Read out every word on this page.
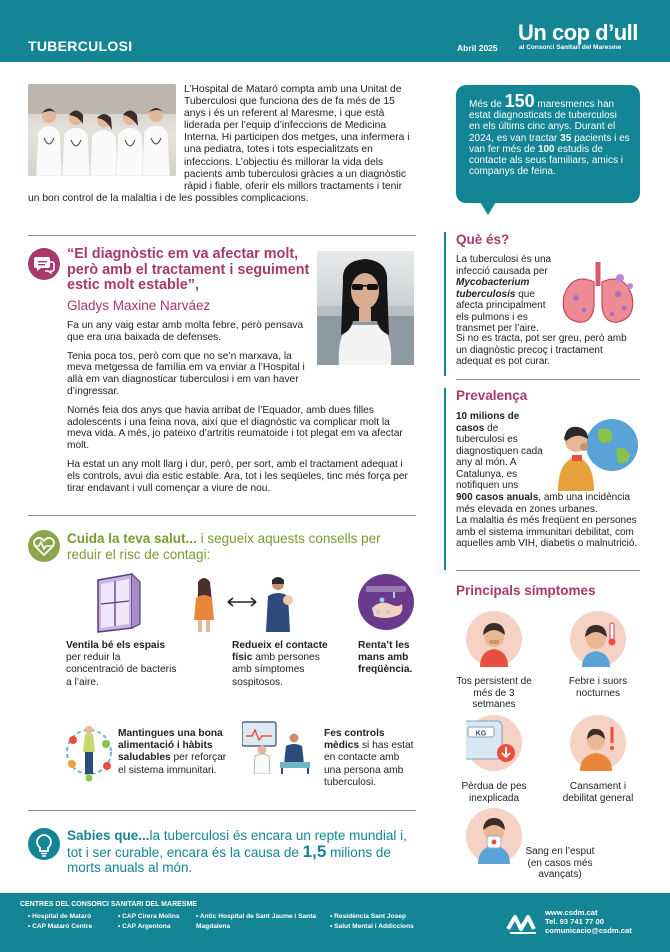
TUBERCULOSI	Abril 2025
Un cop d’ull
al Consorci Sanitari del Maresme
L’Hospital de Mataró compta amb una Unitat de Tuberculosi que funciona des de fa més de 15 anys i és un referent al Maresme, i que està liderada per l’equip d’infeccions de Medicina Interna. Hi participen dos metges, una infermera i una pediatra, totes i tots especialitzats en infeccions. L’objectiu és millorar la vida dels pacients amb tuberculosi gràcies a un diagnòstic ràpid i fiable, oferir els millors tractaments i tenir un bon control de la malaltia i de les possibles complicacions.
Més de 150 maresmencs han estat diagnosticats de tuberculosi en els últims cinc anys. Durant el 2024, es van tractar 35 pacients i es van fer més de 100 estudis de contacte als seus familiars, amics i companys de feina.
“El diagnòstic em va afectar molt, però amb el tractament i seguiment estic molt estable”,
Gladys Maxine Narváez

Fa un any vaig estar amb molta febre, però pensava que era una baixada de defenses.

Tenia poca tos, però com que no se’n marxava, la meva metgessa de família em va enviar a l’Hospital i allà em van diagnosticar tuberculosi i em van haver d’ingressar.

Només feia dos anys que havia arribat de l’Equador, amb dues filles adolescents i una feina nova, així que el diagnòstic va complicar molt la meva vida. A més, jo pateixo d’artritis reumatoide i tot plegat em va afectar molt.

Ha estat un any molt llarg i dur, però, per sort, amb el tractament adequat i els controls, avui dia estic estable. Ara, tot i les seqüeles, tinc més força per tirar endavant i vull començar a viure de nou.

Cuida la teva salut... i segueix aquests consells per reduir el risc de contagi:
Ventila bé els espais per reduir la concentració de bacteris a l’aire.
Redueix el contacte físic amb persones amb símptomes sospitosos.
Renta’t les mans amb freqüència.
Mantingues una bona alimentació i hàbits saludables per reforçar el sistema immunitari.
Fes controls mèdics si has estat en contacte amb una persona amb tuberculosi.
Sabies que...la tuberculosi és encara un repte mundial i, tot i ser curable, encara és la causa de 1,5 milions de morts anuals al món.
Què és?
La tuberculosi és una infecció causada per Mycobacterium tuberculosis que afecta principalment els pulmons i es transmet per l’aire.
Si no es tracta, pot ser greu, però amb un diagnòstic precoç i tractament adequat es pot curar.
Prevalença
10 milions de casos de tuberculosi es diagnostiquen cada any al món. A Catalunya, es notifiquen uns
900 casos anuals, amb una incidència més elevada en zones urbanes.
La malaltia és més freqüent en persones amb el sistema immunitari debilitat, com aquelles amb VIH, diabetis o malnutrició.
Principals símptomes
Tos persistent de més de 3 setmanes
Febre i suors nocturnes
KG
Pèrdua de pes inexplicada
Cansament i debilitat general
Sang en l’esput (en casos més avançats)
CENTRES DEL CONSORCI SANITARI DEL MARESME
• Hospital de Mataró
• CAP Mataró Centre
• CAP Cirera Molins
• CAP Argentona
• Antic Hospital de Sant Jaume i Santa Magdalena
• Residència Sant Josep
• Salut Mental i Addiccions
www.csdm.cat
Tel. 93 741 77 00
comunicacio@csdm.cat
